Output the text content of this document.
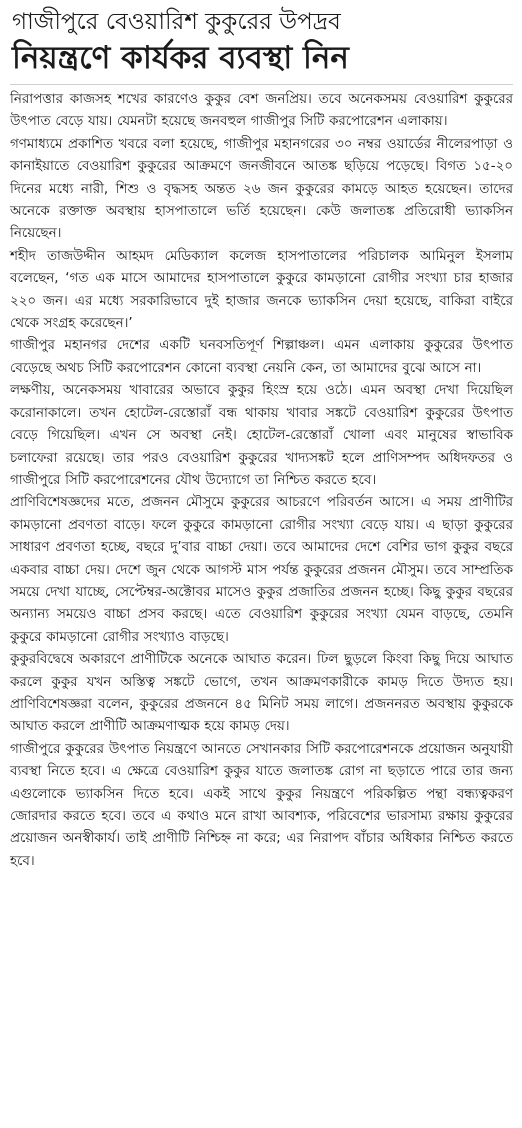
গাজীপুরে বেওয়ারিশ কুকুরের উপদ্রব
নিয়ন্ত্রণে কার্যকর ব্যবস্থা নিন

নিরাপত্তার কাজসহ শখের কারণেও কুকুর বেশ জনপ্রিয়। তবে অনেকসময় বেওয়ারিশ কুকুরের উৎপাত বেড়ে যায়। যেমনটা হয়েছে জনবহুল গাজীপুর সিটি করপোরেশন এলাকায়।

গণমাধ্যমে প্রকাশিত খবরে বলা হয়েছে, গাজীপুর মহানগরের ৩০ নম্বর ওয়ার্ডের নীলেরপাড়া ও কানাইয়াতে বেওয়ারিশ কুকুরের আক্রমণে জনজীবনে আতঙ্ক ছড়িয়ে পড়েছে। বিগত ১৫-২০ দিনের মধ্যে নারী, শিশু ও বৃদ্ধসহ অন্তত ২৬ জন কুকুরের কামড়ে আহত হয়েছেন। তাদের অনেকে রক্তাক্ত অবস্থায় হাসপাতালে ভর্তি হয়েছেন। কেউ জলাতঙ্ক প্রতিরোধী ভ্যাকসিন নিয়েছেন।

শহীদ তাজউদ্দীন আহমদ মেডিক্যাল কলেজ হাসপাতালের পরিচালক আমিনুল ইসলাম বলেছেন, ‘গত এক মাসে আমাদের হাসপাতালে কুকুরে কামড়ানো রোগীর সংখ্যা চার হাজার ২২০ জন। এর মধ্যে সরকারিভাবে দুই হাজার জনকে ভ্যাকসিন দেয়া হয়েছে, বাকিরা বাইরে থেকে সংগ্রহ করেছেন।’

গাজীপুর মহানগর দেশের একটি ঘনবসতিপূর্ণ শিল্পাঞ্চল। এমন এলাকায় কুকুরের উৎপাত বেড়েছে অথচ সিটি করপোরেশন কোনো ব্যবস্থা নেয়নি কেন, তা আমাদের বুঝে আসে না।

লক্ষণীয়, অনেকসময় খাবারের অভাবে কুকুর হিংস্র হয়ে ওঠে। এমন অবস্থা দেখা দিয়েছিল করোনাকালে। তখন হোটেল-রেস্তোরাঁ বন্ধ থাকায় খাবার সঙ্কটে বেওয়ারিশ কুকুরের উৎপাত বেড়ে গিয়েছিল। এখন সে অবস্থা নেই। হোটেল-রেস্তোরাঁ খোলা এবং মানুষের স্বাভাবিক চলাফেরা রয়েছে। তার পরও বেওয়ারিশ কুকুরের খাদ্যসঙ্কট হলে প্রাণিসম্পদ অধিদফতর ও গাজীপুরে সিটি করপোরেশনের যৌথ উদ্যোগে তা নিশ্চিত করতে হবে।

প্রাণিবিশেষজ্ঞদের মতে, প্রজনন মৌসুমে কুকুরের আচরণে পরিবর্তন আসে। এ সময় প্রাণীটির কামড়ানো প্রবণতা বাড়ে। ফলে কুকুরে কামড়ানো রোগীর সংখ্যা বেড়ে যায়। এ ছাড়া কুকুরের সাধারণ প্রবণতা হচ্ছে, বছরে দু’বার বাচ্চা দেয়া। তবে আমাদের দেশে বেশির ভাগ কুকুর বছরে একবার বাচ্চা দেয়। দেশে জুন থেকে আগস্ট মাস পর্যন্ত কুকুরের প্রজনন মৌসুম। তবে সাম্প্রতিক সময়ে দেখা যাচ্ছে, সেপ্টেম্বর-অক্টোবর মাসেও কুকুর প্রজাতির প্রজনন হচ্ছে। কিছু কুকুর বছরের অন্যান্য সময়েও বাচ্চা প্রসব করছে। এতে বেওয়ারিশ কুকুরের সংখ্যা যেমন বাড়ছে, তেমনি কুকুরে কামড়ানো রোগীর সংখ্যাও বাড়ছে।

কুকুরবিদ্বেষে অকারণে প্রাণীটিকে অনেকে আঘাত করেন। ঢিল ছুড়লে কিংবা কিছু দিয়ে আঘাত করলে কুকুর যখন অস্তিত্ব সঙ্কটে ভোগে, তখন আক্রমণকারীকে কামড় দিতে উদ্যত হয়। প্রাণিবিশেষজ্ঞরা বলেন, কুকুরের প্রজননে ৪৫ মিনিট সময় লাগে। প্রজননরত অবস্থায় কুকুরকে আঘাত করলে প্রাণীটি আক্রমণাত্মক হয়ে কামড় দেয়।

গাজীপুরে কুকুরের উৎপাত নিয়ন্ত্রণে আনতে সেখানকার সিটি করপোরেশনকে প্রয়োজন অনুযায়ী ব্যবস্থা নিতে হবে। এ ক্ষেত্রে বেওয়ারিশ কুকুর যাতে জলাতঙ্ক রোগ না ছড়াতে পারে তার জন্য এগুলোকে ভ্যাকসিন দিতে হবে। একই সাথে কুকুর নিয়ন্ত্রণে পরিকল্পিত পন্থা বন্ধ্যত্বকরণ জোরদার করতে হবে। তবে এ কথাও মনে রাখা আবশ্যক, পরিবেশের ভারসাম্য রক্ষায় কুকুরের প্রয়োজন অনস্বীকার্য। তাই প্রাণীটি নিশ্চিহ্ন না করে; এর নিরাপদ বাঁচার অধিকার নিশ্চিত করতে হবে।
